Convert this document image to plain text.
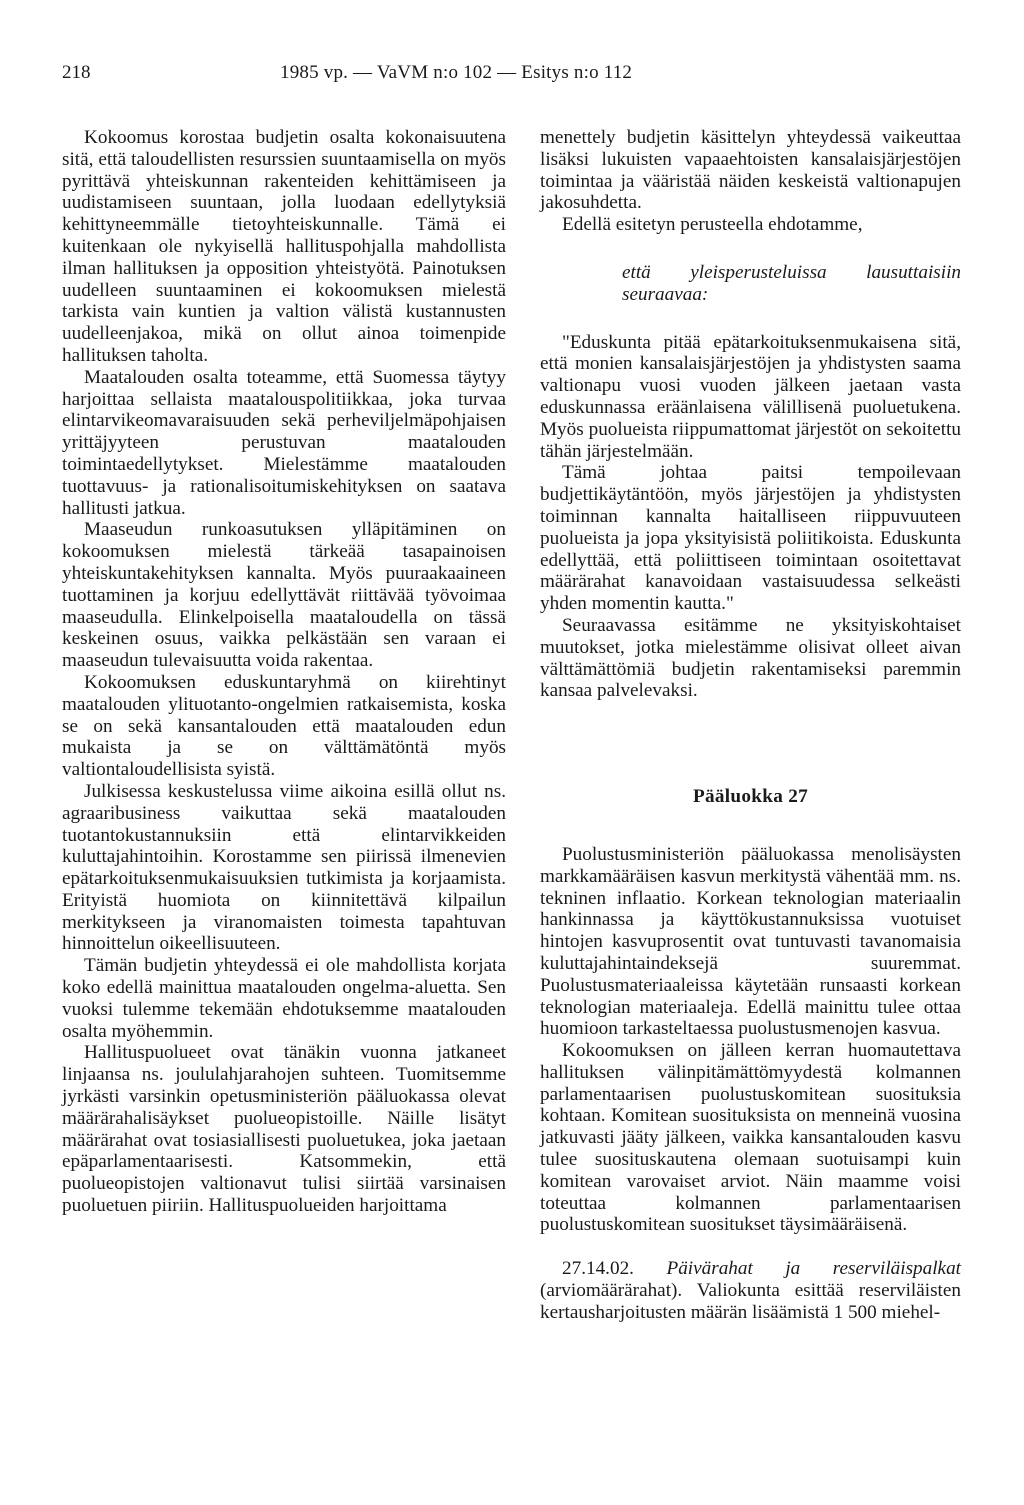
218	1985 vp. — VaVM n:o 102 — Esitys n:o 112

Kokoomus korostaa budjetin osalta kokonaisuutena sitä, että taloudellisten resurssien suuntaamisella on myös pyrittävä yhteiskunnan rakenteiden kehittämiseen ja uudistamiseen suuntaan, jolla luodaan edellytyksiä kehittyneemmälle tietoyhteiskunnalle. Tämä ei kuitenkaan ole nykyisellä hallituspohjalla mahdollista ilman hallituksen ja opposition yhteistyötä. Painotuksen uudelleen suuntaaminen ei kokoomuksen mielestä tarkista vain kuntien ja valtion välistä kustannusten uudelleenjakoa, mikä on ollut ainoa toimenpide hallituksen taholta.

Maatalouden osalta toteamme, että Suomessa täytyy harjoittaa sellaista maatalouspolitiikkaa, joka turvaa elintarvikeomavaraisuuden sekä perheviljelmäpohjaisen yrittäjyyteen perustuvan maatalouden toimintaedellytykset. Mielestämme maatalouden tuottavuus- ja rationalisoitumiskehityksen on saatava hallitusti jatkua.

Maaseudun runkoasutuksen ylläpitäminen on kokoomuksen mielestä tärkeää tasapainoisen yhteiskuntakehityksen kannalta. Myös puuraakaaineen tuottaminen ja korjuu edellyttävät riittävää työvoimaa maaseudulla. Elinkelpoisella maataloudella on tässä keskeinen osuus, vaikka pelkästään sen varaan ei maaseudun tulevaisuutta voida rakentaa.

Kokoomuksen eduskuntaryhmä on kiirehtinyt maatalouden ylituotanto-ongelmien ratkaisemista, koska se on sekä kansantalouden että maatalouden edun mukaista ja se on välttämätöntä myös valtiontaloudellisista syistä.

Julkisessa keskustelussa viime aikoina esillä ollut ns. agraaribusiness vaikuttaa sekä maatalouden tuotantokustannuksiin että elintarvikkeiden kuluttajahintoihin. Korostamme sen piirissä ilmenevien epätarkoituksenmukaisuuksien tutkimista ja korjaamista. Erityistä huomiota on kiinnitettävä kilpailun merkitykseen ja viranomaisten toimesta tapahtuvan hinnoittelun oikeellisuuteen.

Tämän budjetin yhteydessä ei ole mahdollista korjata koko edellä mainittua maatalouden ongelma-aluetta. Sen vuoksi tulemme tekemään ehdotuksemme maatalouden osalta myöhemmin.

Hallituspuolueet ovat tänäkin vuonna jatkaneet linjaansa ns. joululahjarahojen suhteen. Tuomitsemme jyrkästi varsinkin opetusministeriön pääluokassa olevat määrärahalisäykset puolueopistoille. Näille lisätyt määrärahat ovat tosiasiallisesti puoluetukea, joka jaetaan epäparlamentaarisesti. Katsommekin, että puolueopistojen valtionavut tulisi siirtää varsinaisen puoluetuen piiriin. Hallituspuolueiden harjoittama

menettely budjetin käsittelyn yhteydessä vaikeuttaa lisäksi lukuisten vapaaehtoisten kansalaisjärjestöjen toimintaa ja vääristää näiden keskeistä valtionapujen jakosuhdetta.

Edellä esitetyn perusteella ehdotamme,

että yleisperusteluissa lausuttaisiin seuraavaa:

"Eduskunta pitää epätarkoituksenmukaisena sitä, että monien kansalaisjärjestöjen ja yhdistysten saama valtionapu vuosi vuoden jälkeen jaetaan vasta eduskunnassa eräänlaisena välillisenä puoluetukena. Myös puolueista riippumattomat järjestöt on sekoitettu tähän järjestelmään.

Tämä johtaa paitsi tempoilevaan budjettikäytäntöön, myös järjestöjen ja yhdistysten toiminnan kannalta haitalliseen riippuvuuteen puolueista ja jopa yksityisistä poliitikoista. Eduskunta edellyttää, että poliittiseen toimintaan osoitettavat määrärahat kanavoidaan vastaisuudessa selkeästi yhden momentin kautta."

Seuraavassa esitämme ne yksityiskohtaiset muutokset, jotka mielestämme olisivat olleet aivan välttämättömiä budjetin rakentamiseksi paremmin kansaa palvelevaksi.

Pääluokka 27

Puolustusministeriön pääluokassa menolisäysten markkamääräisen kasvun merkitystä vähentää mm. ns. tekninen inflaatio. Korkean teknologian materiaalin hankinnassa ja käyttökustannuksissa vuotuiset hintojen kasvuprosentit ovat tuntuvasti tavanomaisia kuluttajahintaindeksejä suuremmat. Puolustusmateriaaleissa käytetään runsaasti korkean teknologian materiaaleja. Edellä mainittu tulee ottaa huomioon tarkasteltaessa puolustusmenojen kasvua.

Kokoomuksen on jälleen kerran huomautettava hallituksen välinpitämättömyydestä kolmannen parlamentaarisen puolustuskomitean suosituksia kohtaan. Komitean suosituksista on menneinä vuosina jatkuvasti jääty jälkeen, vaikka kansantalouden kasvu tulee suosituskautena olemaan suotuisampi kuin komitean varovaiset arviot. Näin maamme voisi toteuttaa kolmannen parlamentaarisen puolustuskomitean suositukset täysimääräisenä.

27.14.02. Päivärahat ja reserviläispalkat (arviomäärärahat). Valiokunta esittää reserviläisten kertausharjoitusten määrän lisäämistä 1 500 miehel-
